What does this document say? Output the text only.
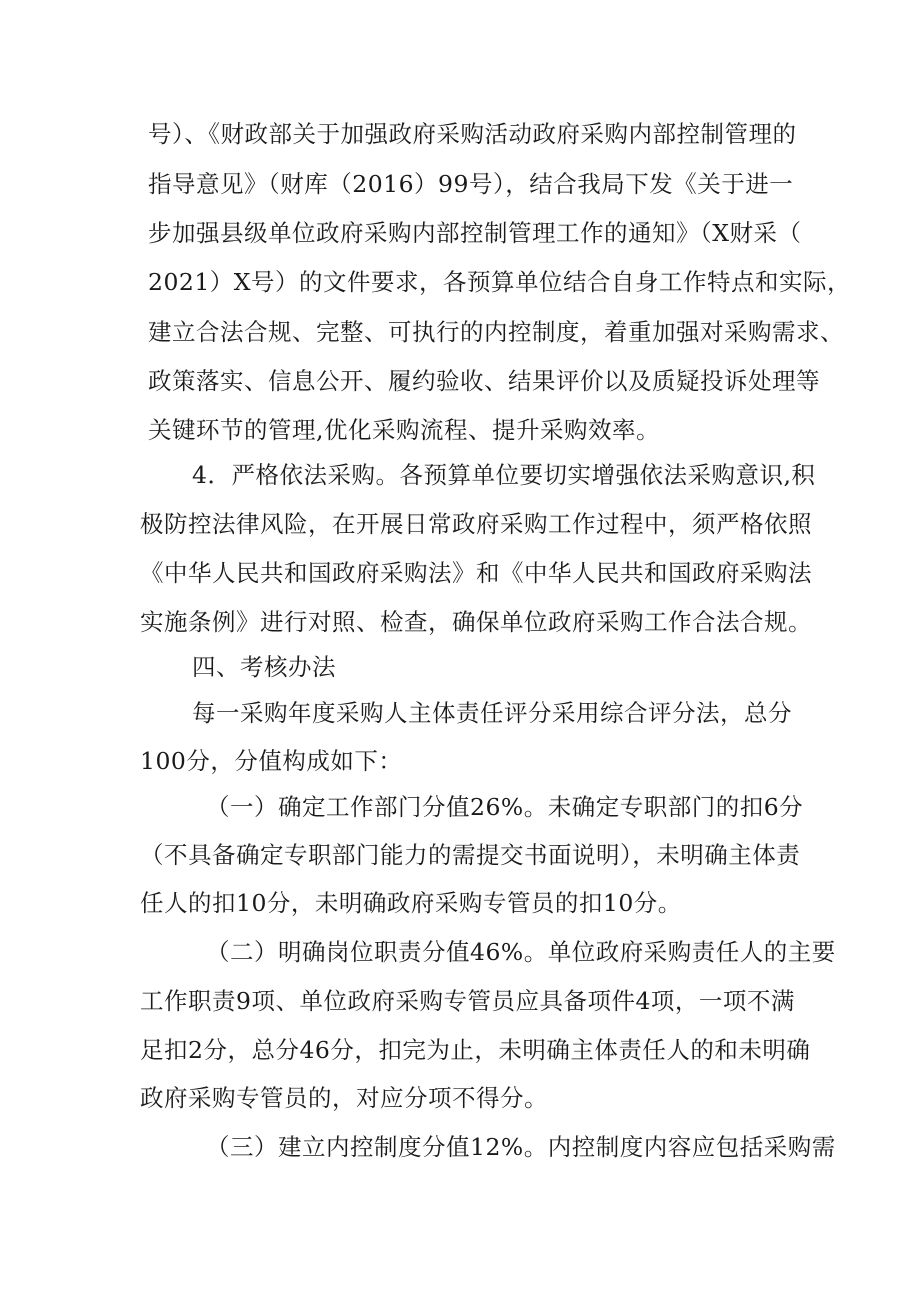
号）、《财政部关于加强政府采购活动政府采购内部控制管理的
指导意见》（财库（2016）99号），结合我局下发《关于进一
步加强县级单位政府采购内部控制管理工作的通知》（X财采（
2021）X号）的文件要求，各预算单位结合自身工作特点和实际，
建立合法合规、完整、可执行的内控制度，着重加强对采购需求、
政策落实、信息公开、履约验收、结果评价以及质疑投诉处理等
关键环节的管理,优化采购流程、提升采购效率。
4．严格依法采购。各预算单位要切实增强依法采购意识,积
极防控法律风险，在开展日常政府采购工作过程中，须严格依照
《中华人民共和国政府采购法》和《中华人民共和国政府采购法
实施条例》进行对照、检查，确保单位政府采购工作合法合规。
四、考核办法
每一采购年度采购人主体责任评分采用综合评分法，总分
100分，分值构成如下：
（一）确定工作部门分值26%。未确定专职部门的扣6分
（不具备确定专职部门能力的需提交书面说明），未明确主体责
任人的扣10分，未明确政府采购专管员的扣10分。
（二）明确岗位职责分值46%。单位政府采购责任人的主要
工作职责9项、单位政府采购专管员应具备项件4项，一项不满
足扣2分，总分46分，扣完为止，未明确主体责任人的和未明确
政府采购专管员的，对应分项不得分。
（三）建立内控制度分值12%。内控制度内容应包括采购需
